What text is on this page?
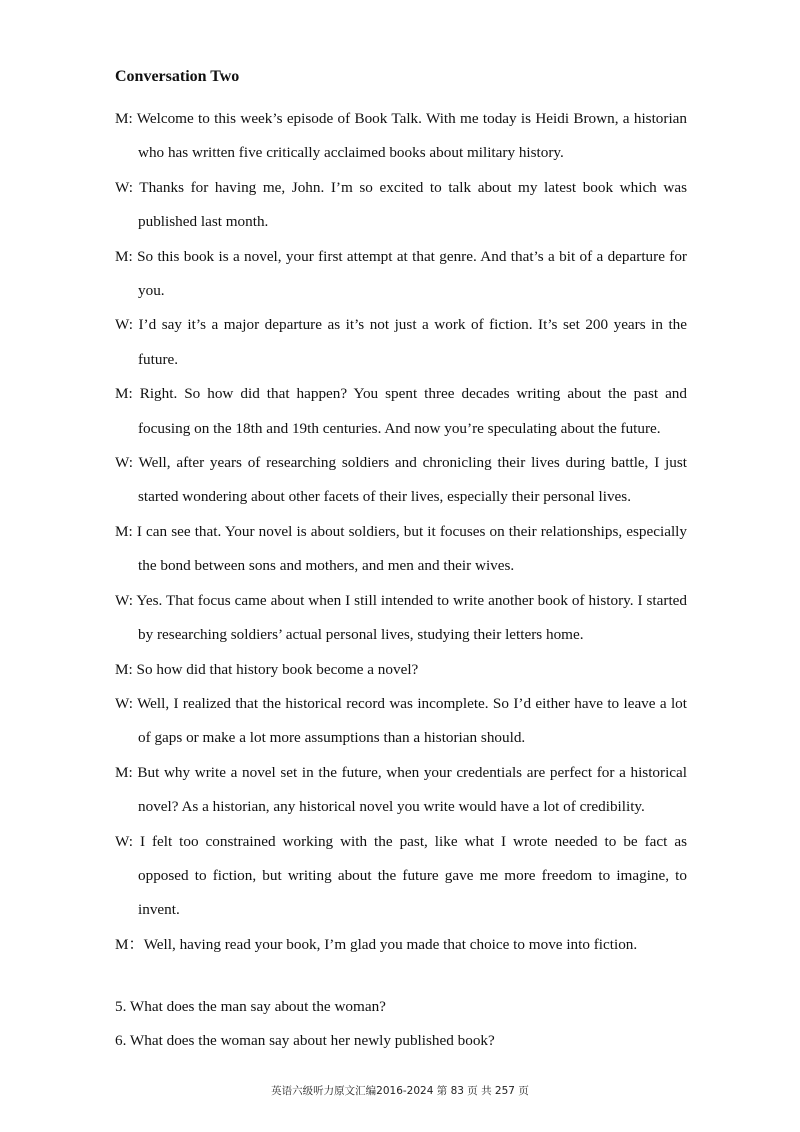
Conversation Two

M: Welcome to this week’s episode of Book Talk. With me today is Heidi Brown, a historian who has written five critically acclaimed books about military history.

W: Thanks for having me, John. I’m so excited to talk about my latest book which was published last month.

M: So this book is a novel, your first attempt at that genre. And that’s a bit of a departure for you.

W: I’d say it’s a major departure as it’s not just a work of fiction. It’s set 200 years in the future.

M: Right. So how did that happen? You spent three decades writing about the past and focusing on the 18th and 19th centuries. And now you’re speculating about the future.

W: Well, after years of researching soldiers and chronicling their lives during battle, I just started wondering about other facets of their lives, especially their personal lives.

M: I can see that. Your novel is about soldiers, but it focuses on their relationships, especially the bond between sons and mothers, and men and their wives.

W: Yes. That focus came about when I still intended to write another book of history. I started by researching soldiers’ actual personal lives, studying their letters home.

M: So how did that history book become a novel?

W: Well, I realized that the historical record was incomplete. So I’d either have to leave a lot of gaps or make a lot more assumptions than a historian should.

M: But why write a novel set in the future, when your credentials are perfect for a historical novel? As a historian, any historical novel you write would have a lot of credibility.

W: I felt too constrained working with the past, like what I wrote needed to be fact as opposed to fiction, but writing about the future gave me more freedom to imagine, to invent.

M：Well, having read your book, I’m glad you made that choice to move into fiction.

5. What does the man say about the woman?

6. What does the woman say about her newly published book?

英语六级听力原文汇编2016-2024 第 83 页 共 257 页
